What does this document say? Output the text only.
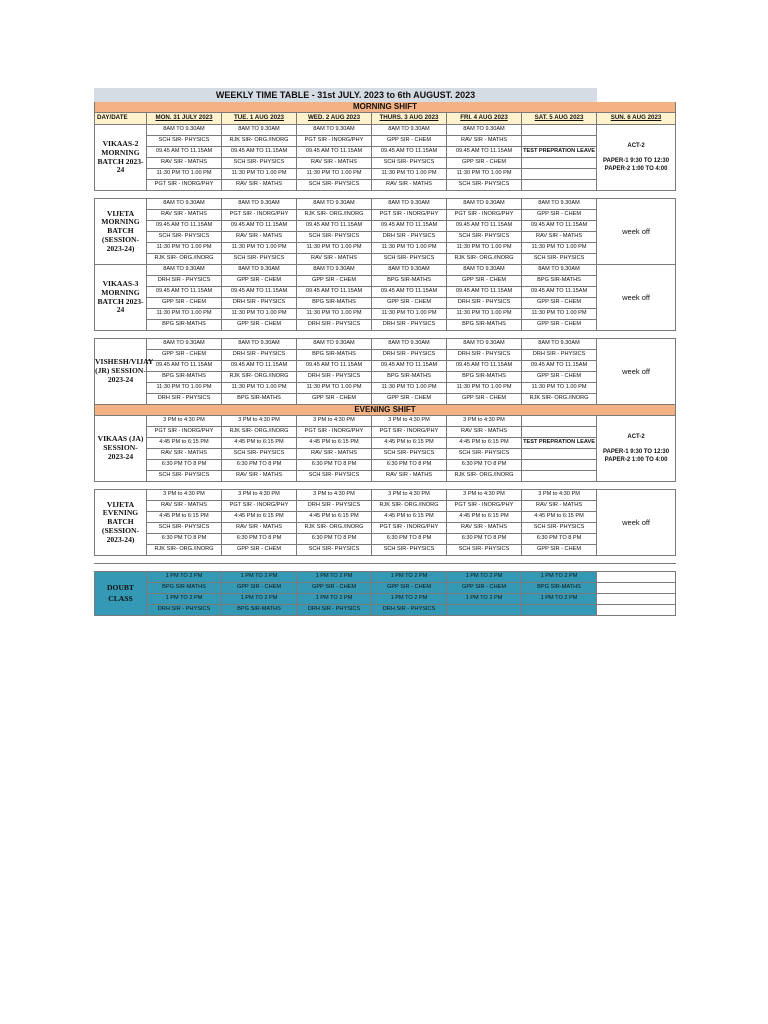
WEEKLY TIME TABLE - 31st JULY. 2023 to 6th AUGUST. 2023							
MORNING SHIFT							
DAY/DATE	MON. 31 JULY 2023	TUE. 1 AUG 2023	WED. 2 AUG 2023	THURS. 3 AUG 2023	FRI. 4 AUG 2023	SAT. 5 AUG 2023	SUN. 6 AUG 2023
VIKAAS-2 MORNING BATCH 2023-24	8AM TO 9.30AM	8AM TO 9.30AM	8AM TO 9.30AM	8AM TO 9.30AM	8AM TO 9.30AM		ACT-2
PAPER-1 9:30 TO 12:30
PAPER-2 1:00 TO 4:00

	SCH SIR- PHYSICS	RJK SIR- ORG./INORG	PGT SIR - INORG/PHY	GPP SIR - CHEM	RAV SIR - MATHS		
	09.45 AM TO 11.15AM	09.45 AM TO 11.15AM	09.45 AM TO 11.15AM	09.45 AM TO 11.15AM	09.45 AM TO 11.15AM	TEST PREPRATION LEAVE	
	RAV SIR - MATHS	SCH SIR- PHYSICS	RAV SIR - MATHS	SCH SIR- PHYSICS	GPP SIR - CHEM		
	11:30 PM TO 1.00 PM	11:30 PM TO 1.00 PM	11:30 PM TO 1.00 PM	11:30 PM TO 1.00 PM	11:30 PM TO 1.00 PM		
	PGT SIR - INORG/PHY	RAV SIR - MATHS	SCH SIR- PHYSICS	RAV SIR - MATHS	SCH SIR- PHYSICS		

VIJETA MORNING BATCH (SESSION-2023-24)	8AM TO 9.30AM	8AM TO 9.30AM	8AM TO 9.30AM	8AM TO 9.30AM	8AM TO 9.30AM	8AM TO 9.30AM	week off
	RAV SIR - MATHS	PGT SIR - INORG/PHY	RJK SIR- ORG./INORG	PGT SIR - INORG/PHY	PGT SIR - INORG/PHY	GPP SIR - CHEM	
	09.45 AM TO 11.15AM	09.45 AM TO 11.15AM	09.45 AM TO 11.15AM	09.45 AM TO 11.15AM	09.45 AM TO 11.15AM	09.45 AM TO 11.15AM	
	SCH SIR- PHYSICS	RAV SIR - MATHS	SCH SIR- PHYSICS	DRH SIR - PHYSICS	SCH SIR- PHYSICS	RAV SIR - MATHS	
	11:30 PM TO 1.00 PM	11:30 PM TO 1.00 PM	11:30 PM TO 1.00 PM	11:30 PM TO 1.00 PM	11:30 PM TO 1.00 PM	11:30 PM TO 1.00 PM	
	RJK SIR- ORG./INORG	SCH SIR- PHYSICS	RAV SIR - MATHS	SCH SIR- PHYSICS	RJK SIR- ORG./INORG	SCH SIR- PHYSICS	
VIKAAS-3 MORNING BATCH 2023-24	8AM TO 9.30AM	8AM TO 9.30AM	8AM TO 9.30AM	8AM TO 9.30AM	8AM TO 9.30AM	8AM TO 9.30AM	week off
	DRH SIR - PHYSICS	GPP SIR - CHEM	GPP SIR - CHEM	BPG SIR-MATHS	GPP SIR - CHEM	BPG SIR-MATHS	
	09.45 AM TO 11.15AM	09.45 AM TO 11.15AM	09.45 AM TO 11.15AM	09.45 AM TO 11.15AM	09.45 AM TO 11.15AM	09.45 AM TO 11.15AM	
	GPP SIR - CHEM	DRH SIR - PHYSICS	BPG SIR-MATHS	GPP SIR - CHEM	DRH SIR - PHYSICS	GPP SIR - CHEM	
	11:30 PM TO 1.00 PM	11:30 PM TO 1.00 PM	11:30 PM TO 1.00 PM	11:30 PM TO 1.00 PM	11:30 PM TO 1.00 PM	11:30 PM TO 1.00 PM	
	BPG SIR-MATHS	GPP SIR - CHEM	DRH SIR - PHYSICS	DRH SIR - PHYSICS	BPG SIR-MATHS	GPP SIR - CHEM	

VISHESH/VIJAY (JR) SESSION-2023-24	8AM TO 9.30AM	8AM TO 9.30AM	8AM TO 9.30AM	8AM TO 9.30AM	8AM TO 9.30AM	8AM TO 9.30AM	week off
	GPP SIR - CHEM	DRH SIR - PHYSICS	BPG SIR-MATHS	DRH SIR - PHYSICS	DRH SIR - PHYSICS	DRH SIR - PHYSICS	
	09.45 AM TO 11.15AM	09.45 AM TO 11.15AM	09.45 AM TO 11.15AM	09.45 AM TO 11.15AM	09.45 AM TO 11.15AM	09.45 AM TO 11.15AM	
	BPG SIR-MATHS	RJK SIR- ORG./INORG	DRH SIR - PHYSICS	BPG SIR-MATHS	BPG SIR-MATHS	GPP SIR - CHEM	
	11:30 PM TO 1.00 PM	11:30 PM TO 1.00 PM	11:30 PM TO 1.00 PM	11:30 PM TO 1.00 PM	11:30 PM TO 1.00 PM	11:30 PM TO 1.00 PM	
	DRH SIR - PHYSICS	BPG SIR-MATHS	GPP SIR - CHEM	GPP SIR - CHEM	GPP SIR - CHEM	RJK SIR- ORG./INORG	
EVENING SHIFT							
VIKAAS (JA) SESSION-2023-24	3 PM to 4:30 PM	3 PM to 4:30 PM	3 PM to 4:30 PM	3 PM to 4:30 PM	3 PM to 4:30 PM		ACT-2
PAPER-1 9:30 TO 12:30
PAPER-2 1:00 TO 4:00

	PGT SIR - INORG/PHY	RJK SIR- ORG./INORG	PGT SIR - INORG/PHY	PGT SIR - INORG/PHY	RAV SIR - MATHS		
	4:45 PM to 6:15 PM	4:45 PM to 6:15 PM	4:45 PM to 6:15 PM	4:45 PM to 6:15 PM	4:45 PM to 6:15 PM	TEST PREPRATION LEAVE	
	RAV SIR - MATHS	SCH SIR- PHYSICS	RAV SIR - MATHS	SCH SIR- PHYSICS	SCH SIR- PHYSICS		
	6:30 PM TO 8 PM	6:30 PM TO 8 PM	6:30 PM TO 8 PM	6:30 PM TO 8 PM	6:30 PM TO 8 PM		
	SCH SIR- PHYSICS	RAV SIR - MATHS	SCH SIR- PHYSICS	RAV SIR - MATHS	RJK SIR- ORG./INORG		

VIJETA EVENING BATCH (SESSION-2023-24)	3 PM to 4:30 PM	3 PM to 4:30 PM	3 PM to 4:30 PM	3 PM to 4:30 PM	3 PM to 4:30 PM	3 PM to 4:30 PM	week off
	RAV SIR - MATHS	PGT SIR - INORG/PHY	DRH SIR - PHYSICS	RJK SIR- ORG./INORG	PGT SIR - INORG/PHY	RAV SIR - MATHS	
	4:45 PM to 6:15 PM	4:45 PM to 6:15 PM	4:45 PM to 6:15 PM	4:45 PM to 6:15 PM	4:45 PM to 6:15 PM	4:45 PM to 6:15 PM	
	SCH SIR- PHYSICS	RAV SIR - MATHS	RJK SIR- ORG./INORG	PGT SIR - INORG/PHY	RAV SIR - MATHS	SCH SIR- PHYSICS	
	6:30 PM TO 8 PM	6:30 PM TO 8 PM	6:30 PM TO 8 PM	6:30 PM TO 8 PM	6:30 PM TO 8 PM	6:30 PM TO 8 PM	
	RJK SIR- ORG./INORG	GPP SIR - CHEM	SCH SIR- PHYSICS	SCH SIR- PHYSICS	SCH SIR- PHYSICS	GPP SIR - CHEM	

DOUBT CLASS	1 PM TO 2 PM	1 PM TO 2 PM	1 PM TO 2 PM	1 PM TO 2 PM	1 PM TO 2 PM	1 PM TO 2 PM	
	BPG SIR-MATHS	GPP SIR - CHEM	GPP SIR - CHEM	GPP SIR - CHEM	GPP SIR - CHEM	BPG SIR-MATHS	
	1 PM TO 2 PM	1 PM TO 2 PM	1 PM TO 2 PM	1 PM TO 2 PM	1 PM TO 2 PM	1 PM TO 2 PM	
	DRH SIR - PHYSICS	BPG SIR-MATHS	DRH SIR - PHYSICS	DRH SIR - PHYSICS			
